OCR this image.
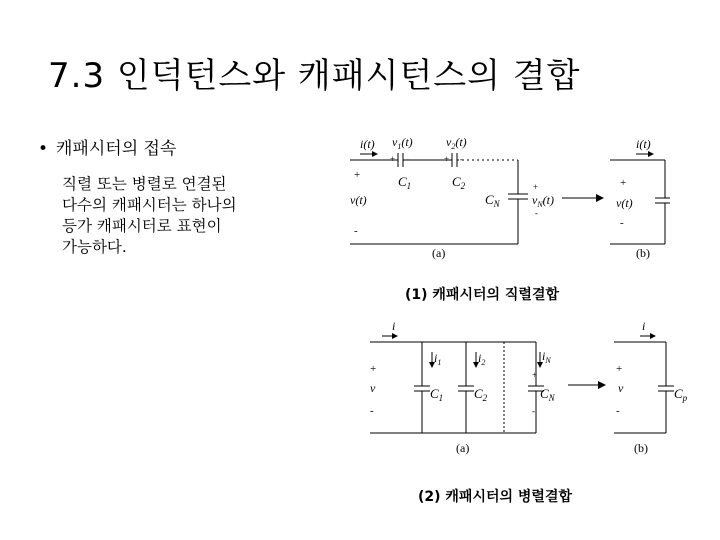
7.3 인덕턴스와 캐패시턴스의 결합
• 캐패시터의 접속
직렬 또는 병렬로 연결된
다수의 캐패시터는 하나의
등가 캐패시터로 표현이
가능하다.
i(t) $v_1(t)$	$v_2(t)$
+ -	+ -
$C_1$	$C_2$
+
v(t)
-
$C_N$	$v_N(t)$
+
-
(a)
i(t)
+
v(t)
-
(b)
(1) 캐패시터의 직렬결합
i
$i_1$	$i_2$	$i_N$
+
v
-
$C_1$ $C_2$	$C_N$
+
-
(a)
i
+
v
-
$C_p$
(b)
(2) 캐패시터의 병렬결합
